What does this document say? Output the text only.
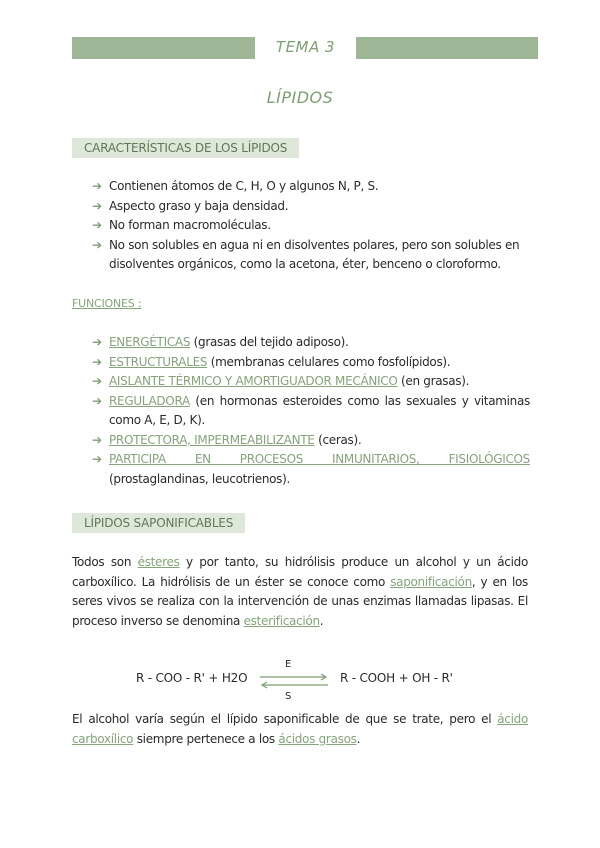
TEMA 3
LÍPIDOS
CARACTERÍSTICAS DE LOS LÍPIDOS
➔ Contienen átomos de C, H, O y algunos N, P, S.
➔ Aspecto graso y baja densidad.
➔ No forman macromoléculas.
➔ No son solubles en agua ni en disolventes polares, pero son solubles en disolventes orgánicos, como la acetona, éter, benceno o cloroformo.
FUNCIONES :
➔ ENERGÉTICAS (grasas del tejido adiposo).
➔ ESTRUCTURALES (membranas celulares como fosfolípidos).
➔ AISLANTE TÉRMICO Y AMORTIGUADOR MECÁNICO (en grasas).
➔ REGULADORA (en hormonas esteroides como las sexuales y vitaminas como A, E, D, K).
➔ PROTECTORA, IMPERMEABILIZANTE (ceras).
➔ PARTICIPA EN PROCESOS INMUNITARIOS, FISIOLÓGICOS
(prostaglandinas, leucotrienos).
LÍPIDOS SAPONIFICABLES

Todos son ésteres y por tanto, su hidrólisis produce un alcohol y un ácido carboxílico. La hidrólisis de un éster se conoce como saponificación, y en los seres vivos se realiza con la intervención de unas enzimas llamadas lipasas. El proceso inverso se denomina esterificación.

R - COO - R' + H2O
E
S
R - COOH + OH - R'

El alcohol varía según el lípido saponificable de que se trate, pero el ácido carboxílico siempre pertenece a los ácidos grasos.
